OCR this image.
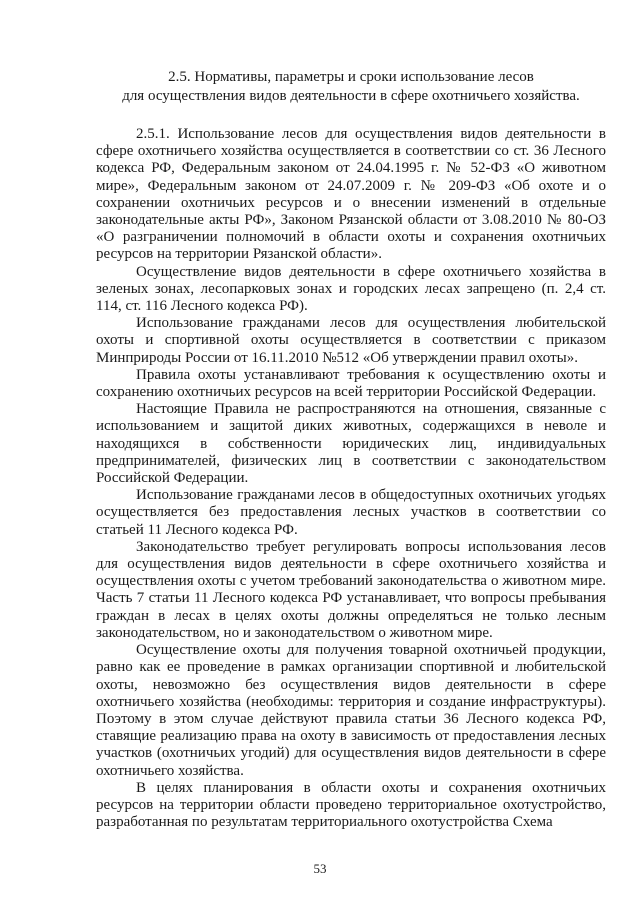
2.5. Нормативы, параметры и сроки использование лесов
для осуществления видов деятельности в сфере охотничьего хозяйства.

2.5.1. Использование лесов для осуществления видов деятельности в сфере охотничьего хозяйства осуществляется в соответствии со ст. 36 Лесного кодекса РФ, Федеральным законом от 24.04.1995 г. № 52-ФЗ «О животном мире», Федеральным законом от 24.07.2009 г. № 209-ФЗ «Об охоте и о сохранении охотничьих ресурсов и о внесении изменений в отдельные законодательные акты РФ», Законом Рязанской области от 3.08.2010 № 80-ОЗ «О разграничении полномочий в области охоты и сохранения охотничьих ресурсов на территории Рязанской области».

Осуществление видов деятельности в сфере охотничьего хозяйства в зеленых зонах, лесопарковых зонах и городских лесах запрещено (п. 2,4 ст. 114, ст. 116 Лесного кодекса РФ).

Использование гражданами лесов для осуществления любительской охоты и спортивной охоты осуществляется в соответствии с приказом Минприроды России от 16.11.2010 №512 «Об утверждении правил охоты».

Правила охоты устанавливают требования к осуществлению охоты и сохранению охотничьих ресурсов на всей территории Российской Федерации.

Настоящие Правила не распространяются на отношения, связанные с использованием и защитой диких животных, содержащихся в неволе и находящихся в собственности юридических лиц, индивидуальных предпринимателей, физических лиц в соответствии с законодательством Российской Федерации.

Использование гражданами лесов в общедоступных охотничьих угодьях осуществляется без предоставления лесных участков в соответствии со статьей 11 Лесного кодекса РФ.

Законодательство требует регулировать вопросы использования лесов для осуществления видов деятельности в сфере охотничьего хозяйства и осуществления охоты с учетом требований законодательства о животном мире. Часть 7 статьи 11 Лесного кодекса РФ устанавливает, что вопросы пребывания граждан в лесах в целях охоты должны определяться не только лесным законодательством, но и законодательством о животном мире.

Осуществление охоты для получения товарной охотничьей продукции, равно как ее проведение в рамках организации спортивной и любительской охоты, невозможно без осуществления видов деятельности в сфере охотничьего хозяйства (необходимы: территория и создание инфраструктуры). Поэтому в этом случае действуют правила статьи 36 Лесного кодекса РФ, ставящие реализацию права на охоту в зависимость от предоставления лесных участков (охотничьих угодий) для осуществления видов деятельности в сфере охотничьего хозяйства.

В целях планирования в области охоты и сохранения охотничьих ресурсов на территории области проведено территориальное охотустройство, разработанная по результатам территориального охотустройства Схема

53
